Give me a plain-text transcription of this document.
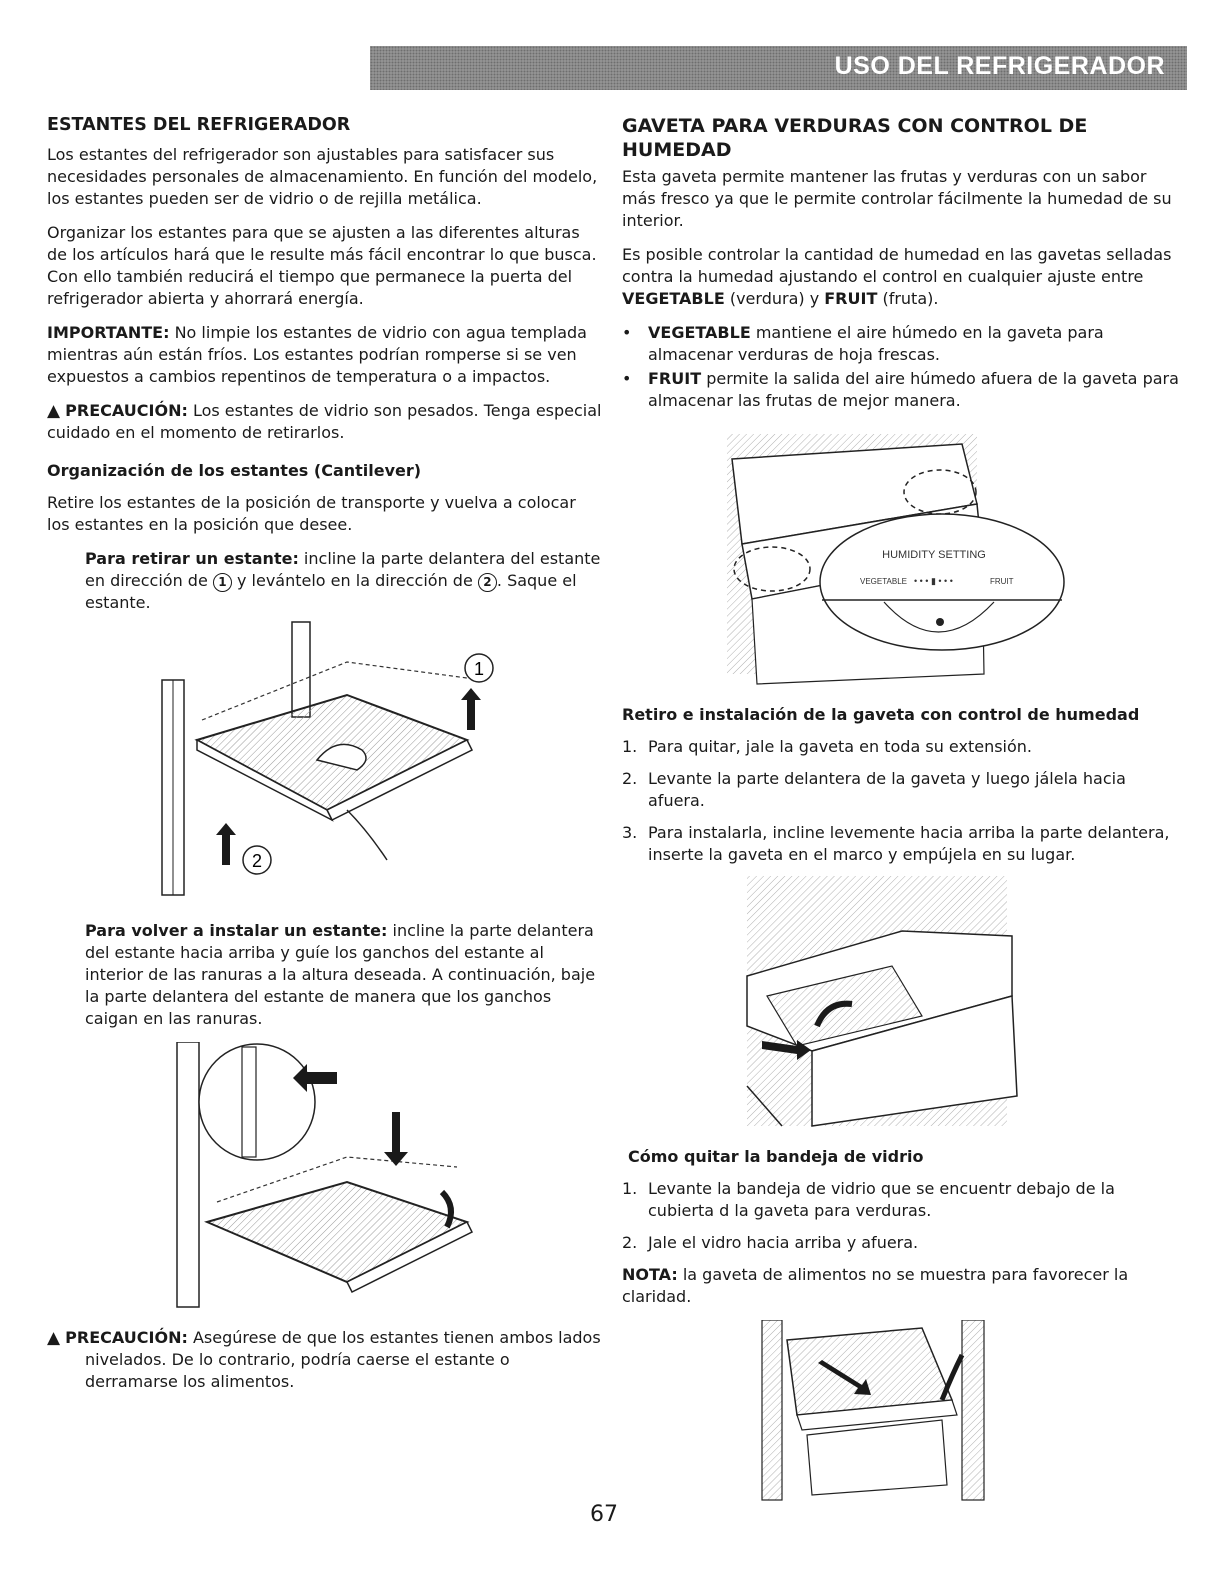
USO DEL REFRIGERADOR
ESTANTES DEL REFRIGERADOR

Los estantes del refrigerador son ajustables para satisfacer sus necesidades personales de almacenamiento. En función del modelo, los estantes pueden ser de vidrio o de rejilla metálica.

Organizar los estantes para que se ajusten a las diferentes alturas de los artículos hará que le resulte más fácil encontrar lo que busca. Con ello también reducirá el tiempo que permanece la puerta del refrigerador abierta y ahorrará energía.

IMPORTANTE: No limpie los estantes de vidrio con agua templada mientras aún están fríos. Los estantes podrían romperse si se ven expuestos a cambios repentinos de temperatura o a impactos.

▲ PRECAUCIÓN: Los estantes de vidrio son pesados. Tenga especial cuidado en el momento de retirarlos.

Organización de los estantes (Cantilever)

Retire los estantes de la posición de transporte y vuelva a colocar los estantes en la posición que desee.

Para retirar un estante: incline la parte delantera del estante en dirección de 1 y levántelo en la dirección de 2 . Saque el estante.

1
2

Para volver a instalar un estante: incline la parte delantera del estante hacia arriba y guíe los ganchos del estante al interior de las ranuras a la altura deseada. A continuación, baje la parte delantera del estante de manera que los ganchos caigan en las ranuras.

▲ PRECAUCIÓN: Asegúrese de que los estantes tienen ambos lados nivelados. De lo contrario, podría caerse el estante o derramarse los alimentos.

GAVETA PARA VERDURAS CON CONTROL DE HUMEDAD

Esta gaveta permite mantener las frutas y verduras con un sabor más fresco ya que le permite controlar fácilmente la humedad de su interior.

Es posible controlar la cantidad de humedad en las gavetas selladas contra la humedad ajustando el control en cualquier ajuste entre VEGETABLE (verdura) y FRUIT (fruta).

• VEGETABLE mantiene el aire húmedo en la gaveta para almacenar verduras de hoja frescas.
• FRUIT permite la salida del aire húmedo afuera de la gaveta para almacenar las frutas de mejor manera.
HUMIDITY SETTING
VEGETABLE • • • ▮ • • •	FRUIT
Retiro e instalación de la gaveta con control de humedad
1. Para quitar, jale la gaveta en toda su extensión.
2. Levante la parte delantera de la gaveta y luego jálela hacia afuera.
3. Para instalarla, incline levemente hacia arriba la parte delantera, inserte la gaveta en el marco y empújela en su lugar.
Cómo quitar la bandeja de vidrio
1. Levante la bandeja de vidrio que se encuentr debajo de la cubierta d la gaveta para verduras.
2. Jale el vidro hacia arriba y afuera.

NOTA: la gaveta de alimentos no se muestra para favorecer la claridad.

67
